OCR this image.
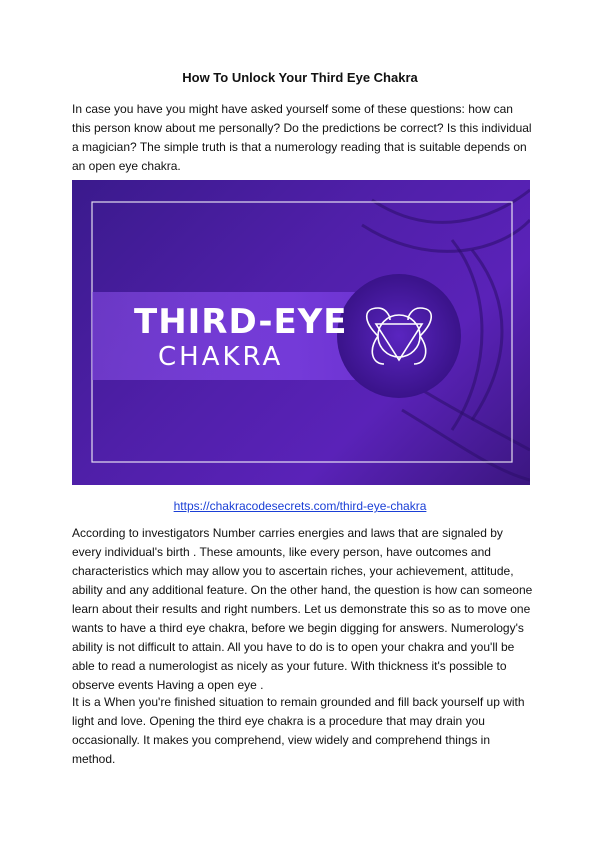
How To Unlock Your Third Eye Chakra

In case you have you might have asked yourself some of these questions: how can this person know about me personally? Do the predictions be correct? Is this individual a magician? The simple truth is that a numerology reading that is suitable depends on an open eye chakra.

THIRD-EYE

CHAKRA

https://chakracodesecrets.com/third-eye-chakra

According to investigators Number carries energies and laws that are signaled by every individual's birth . These amounts, like every person, have outcomes and characteristics which may allow you to ascertain riches, your achievement, attitude, ability and any additional feature. On the other hand, the question is how can someone learn about their results and right numbers. Let us demonstrate this so as to move one wants to have a third eye chakra, before we begin digging for answers. Numerology's ability is not difficult to attain. All you have to do is to open your chakra and you'll be able to read a numerologist as nicely as your future. With thickness it's possible to observe events Having a open eye .

It is a When you're finished situation to remain grounded and fill back yourself up with light and love. Opening the third eye chakra is a procedure that may drain you occasionally. It makes you comprehend, view widely and comprehend things in method.
